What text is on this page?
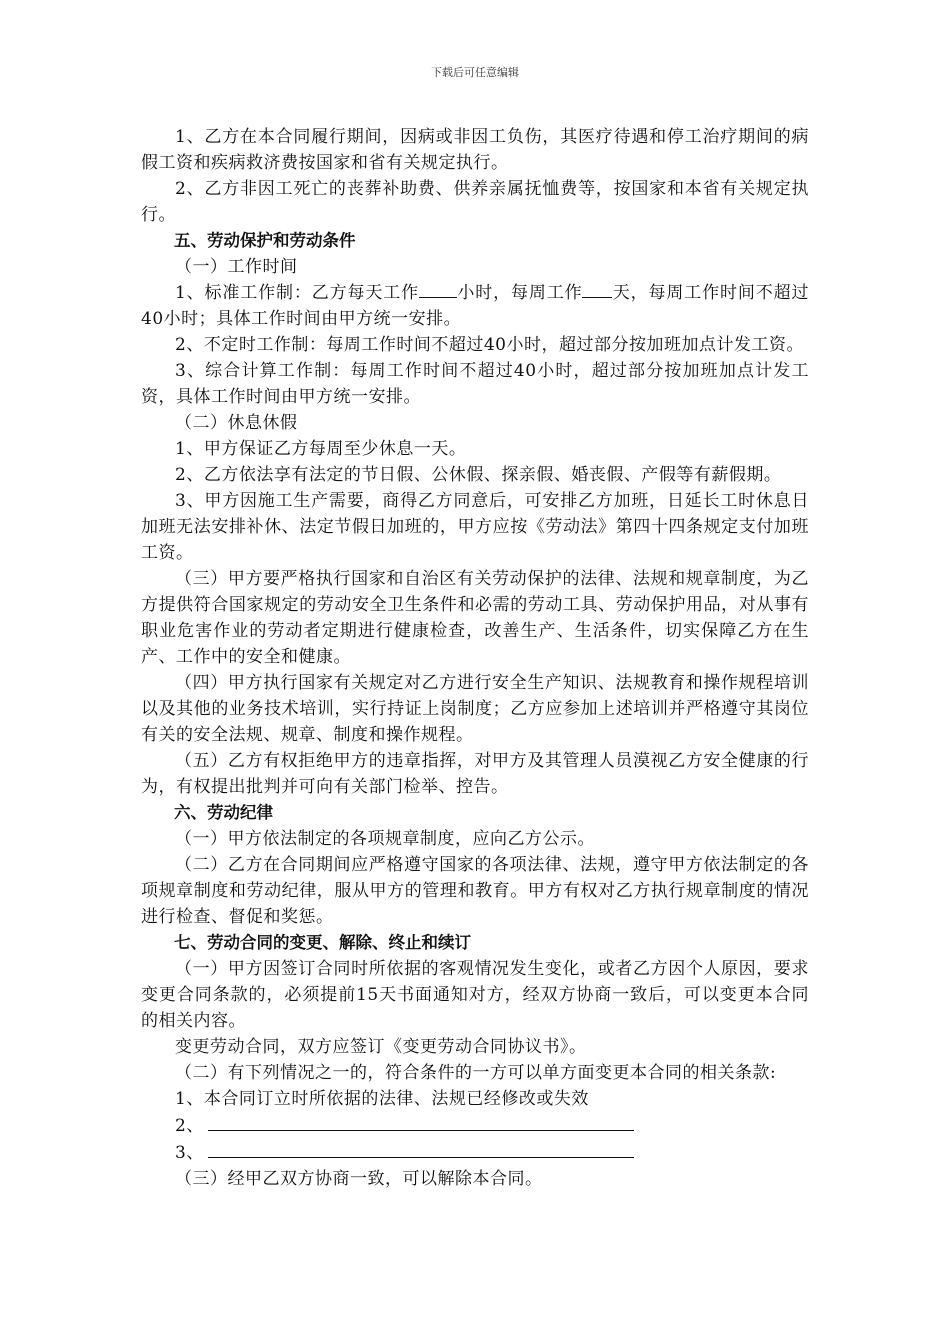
下载后可任意编辑

1、乙方在本合同履行期间，因病或非因工负伤，其医疗待遇和停工治疗期间的病假工资和疾病救济费按国家和省有关规定执行。

2、乙方非因工死亡的丧葬补助费、供养亲属抚恤费等，按国家和本省有关规定执行。

五、劳动保护和劳动条件

（一）工作时间

1、标准工作制：乙方每天工作 小时，每周工作 天，每周工作时间不超过40小时；具体工作时间由甲方统一安排。

2、不定时工作制：每周工作时间不超过40小时，超过部分按加班加点计发工资。

3、综合计算工作制：每周工作时间不超过40小时，超过部分按加班加点计发工资，具体工作时间由甲方统一安排。

（二）休息休假

1、甲方保证乙方每周至少休息一天。

2、乙方依法享有法定的节日假、公休假、探亲假、婚丧假、产假等有薪假期。

3、甲方因施工生产需要，商得乙方同意后，可安排乙方加班，日延长工时休息日加班无法安排补休、法定节假日加班的，甲方应按《劳动法》第四十四条规定支付加班工资。

（三）甲方要严格执行国家和自治区有关劳动保护的法律、法规和规章制度，为乙方提供符合国家规定的劳动安全卫生条件和必需的劳动工具、劳动保护用品，对从事有职业危害作业的劳动者定期进行健康检查，改善生产、生活条件，切实保障乙方在生产、工作中的安全和健康。

（四）甲方执行国家有关规定对乙方进行安全生产知识、法规教育和操作规程培训以及其他的业务技术培训，实行持证上岗制度；乙方应参加上述培训并严格遵守其岗位有关的安全法规、规章、制度和操作规程。

（五）乙方有权拒绝甲方的违章指挥，对甲方及其管理人员漠视乙方安全健康的行为，有权提出批判并可向有关部门检举、控告。

六、劳动纪律

（一）甲方依法制定的各项规章制度，应向乙方公示。

（二）乙方在合同期间应严格遵守国家的各项法律、法规，遵守甲方依法制定的各项规章制度和劳动纪律，服从甲方的管理和教育。甲方有权对乙方执行规章制度的情况进行检查、督促和奖惩。

七、劳动合同的变更、解除、终止和续订

（一）甲方因签订合同时所依据的客观情况发生变化，或者乙方因个人原因，要求变更合同条款的，必须提前15天书面通知对方，经双方协商一致后，可以变更本合同的相关内容。

变更劳动合同，双方应签订《变更劳动合同协议书》。

（二）有下列情况之一的，符合条件的一方可以单方面变更本合同的相关条款:

1、本合同订立时所依据的法律、法规已经修改或失效

2、

3、

（三）经甲乙双方协商一致，可以解除本合同。
